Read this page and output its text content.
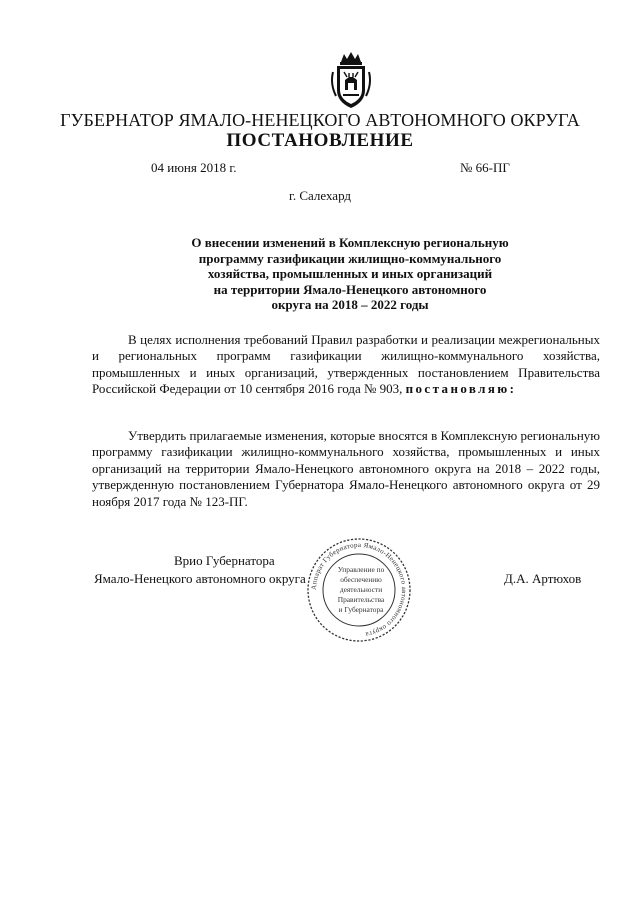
ГУБЕРНАТОР ЯМАЛО-НЕНЕЦКОГО АВТОНОМНОГО ОКРУГА
ПОСТАНОВЛЕНИЕ
04 июня 2018 г.	№ 66-ПГ
г. Салехард
О внесении изменений в Комплексную региональную
программу газификации жилищно-коммунального
хозяйства, промышленных и иных организаций
на территории Ямало-Ненецкого автономного
округа на 2018 – 2022 годы
В целях исполнения требований Правил разработки и реализации межрегиональных и региональных программ газификации жилищно-коммунального хозяйства, промышленных и иных организаций, утвержденных постановлением Правительства Российской Федерации от 10 сентября 2016 года № 903, постановляю:
Утвердить прилагаемые изменения, которые вносятся в Комплексную региональную программу газификации жилищно-коммунального хозяйства, промышленных и иных организаций на территории Ямало-Ненецкого автономного округа на 2018 – 2022 годы, утвержденную постановлением Губернатора Ямало-Ненецкого автономного округа от 29 ноября 2017 года № 123-ПГ.
Врио Губернатора
Ямало-Ненецкого автономного округа	Д.А. Артюхов
Аппарат Губернатора Ямало-Ненецкого автономного округа
Управление по
обеспечению
деятельности
Правительства
и Губернатора
